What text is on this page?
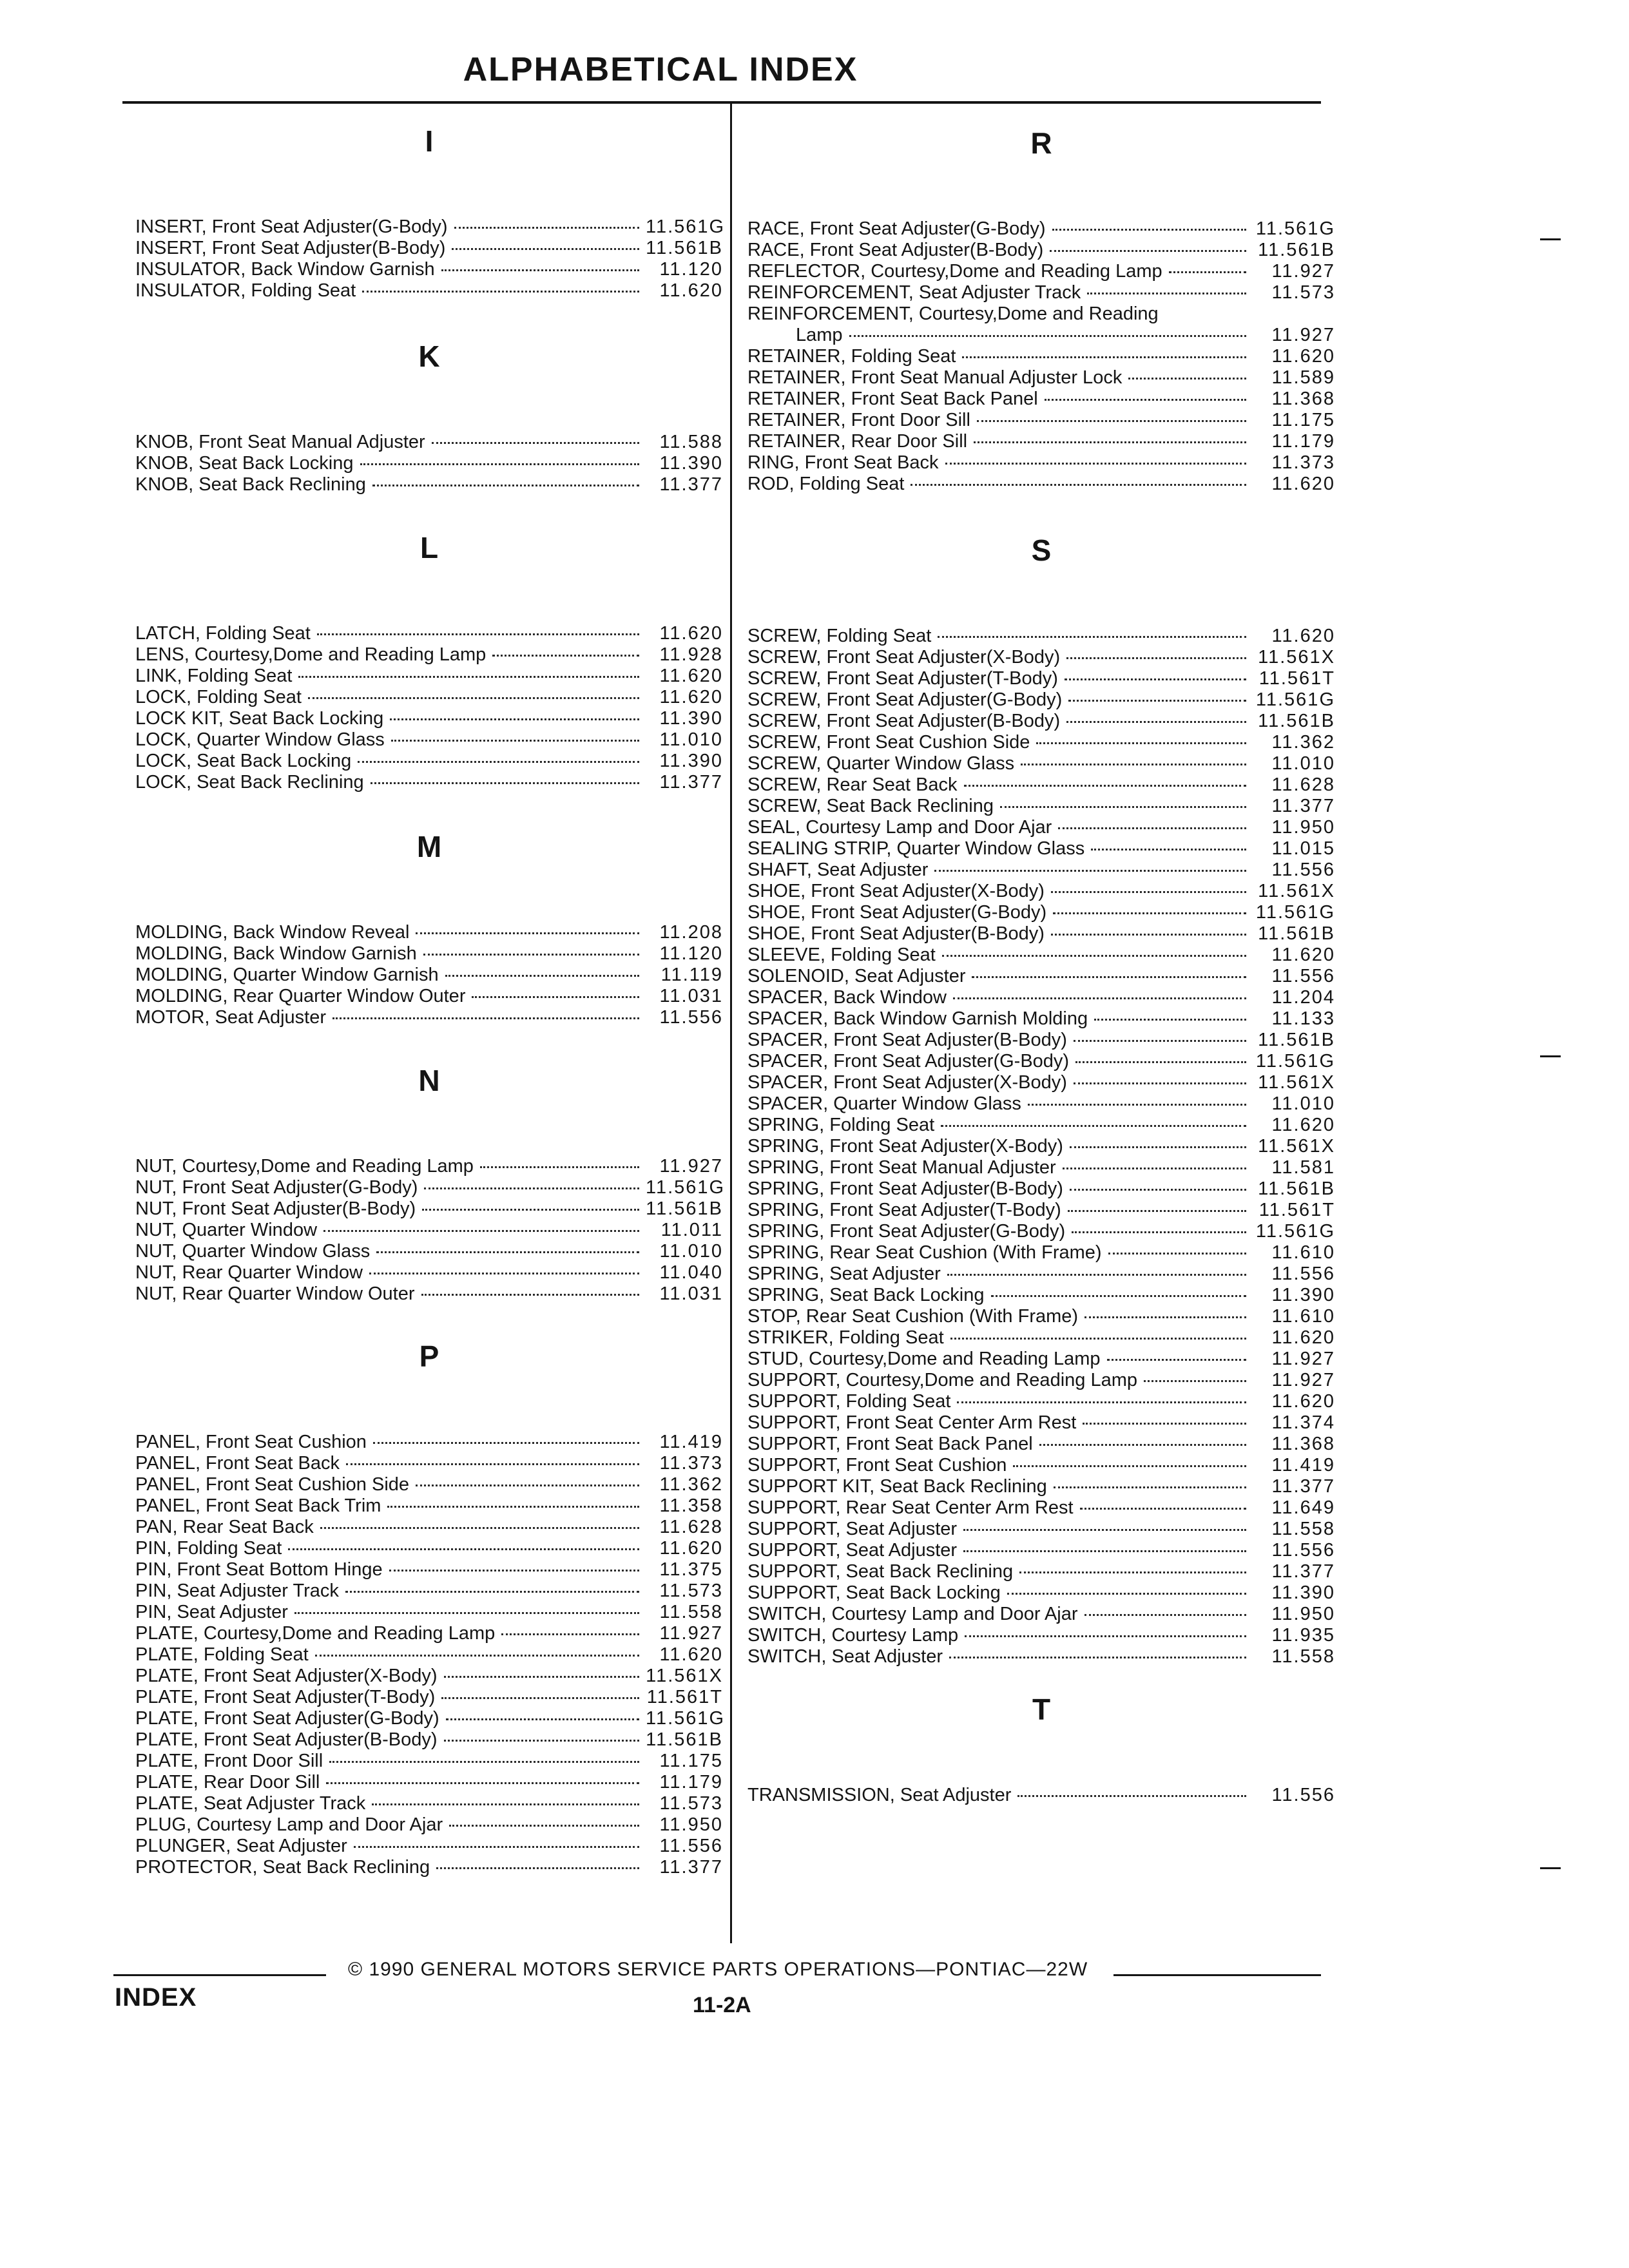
ALPHABETICAL INDEX
I
INSERT, Front Seat Adjuster(G-Body)	11.561G
INSERT, Front Seat Adjuster(B-Body)	11.561B
INSULATOR, Back Window Garnish	11.120
INSULATOR, Folding Seat	11.620
K
KNOB, Front Seat Manual Adjuster	11.588
KNOB, Seat Back Locking	11.390
KNOB, Seat Back Reclining	11.377
L
LATCH, Folding Seat	11.620
LENS, Courtesy,Dome and Reading Lamp	11.928
LINK, Folding Seat	11.620
LOCK, Folding Seat	11.620
LOCK KIT, Seat Back Locking	11.390
LOCK, Quarter Window Glass	11.010
LOCK, Seat Back Locking	11.390
LOCK, Seat Back Reclining	11.377
M
MOLDING, Back Window Reveal	11.208
MOLDING, Back Window Garnish	11.120
MOLDING, Quarter Window Garnish	11.119
MOLDING, Rear Quarter Window Outer	11.031
MOTOR, Seat Adjuster	11.556
N
NUT, Courtesy,Dome and Reading Lamp	11.927
NUT, Front Seat Adjuster(G-Body)	11.561G
NUT, Front Seat Adjuster(B-Body)	11.561B
NUT, Quarter Window	11.011
NUT, Quarter Window Glass	11.010
NUT, Rear Quarter Window	11.040
NUT, Rear Quarter Window Outer	11.031
P
PANEL, Front Seat Cushion	11.419
PANEL, Front Seat Back	11.373
PANEL, Front Seat Cushion Side	11.362
PANEL, Front Seat Back Trim	11.358
PAN, Rear Seat Back	11.628
PIN, Folding Seat	11.620
PIN, Front Seat Bottom Hinge	11.375
PIN, Seat Adjuster Track	11.573
PIN, Seat Adjuster	11.558
PLATE, Courtesy,Dome and Reading Lamp	11.927
PLATE, Folding Seat	11.620
PLATE, Front Seat Adjuster(X-Body)	11.561X
PLATE, Front Seat Adjuster(T-Body)	11.561T
PLATE, Front Seat Adjuster(G-Body)	11.561G
PLATE, Front Seat Adjuster(B-Body)	11.561B
PLATE, Front Door Sill	11.175
PLATE, Rear Door Sill	11.179
PLATE, Seat Adjuster Track	11.573
PLUG, Courtesy Lamp and Door Ajar	11.950
PLUNGER, Seat Adjuster	11.556
PROTECTOR, Seat Back Reclining	11.377
R
RACE, Front Seat Adjuster(G-Body)	11.561G
RACE, Front Seat Adjuster(B-Body)	11.561B
REFLECTOR, Courtesy,Dome and Reading Lamp	11.927
REINFORCEMENT, Seat Adjuster Track	11.573
REINFORCEMENT, Courtesy,Dome and Reading
Lamp	11.927
RETAINER, Folding Seat	11.620
RETAINER, Front Seat Manual Adjuster Lock	11.589
RETAINER, Front Seat Back Panel	11.368
RETAINER, Front Door Sill	11.175
RETAINER, Rear Door Sill	11.179
RING, Front Seat Back	11.373
ROD, Folding Seat	11.620
S
SCREW, Folding Seat	11.620
SCREW, Front Seat Adjuster(X-Body)	11.561X
SCREW, Front Seat Adjuster(T-Body)	11.561T
SCREW, Front Seat Adjuster(G-Body)	11.561G
SCREW, Front Seat Adjuster(B-Body)	11.561B
SCREW, Front Seat Cushion Side	11.362
SCREW, Quarter Window Glass	11.010
SCREW, Rear Seat Back	11.628
SCREW, Seat Back Reclining	11.377
SEAL, Courtesy Lamp and Door Ajar	11.950
SEALING STRIP, Quarter Window Glass	11.015
SHAFT, Seat Adjuster	11.556
SHOE, Front Seat Adjuster(X-Body)	11.561X
SHOE, Front Seat Adjuster(G-Body)	11.561G
SHOE, Front Seat Adjuster(B-Body)	11.561B
SLEEVE, Folding Seat	11.620
SOLENOID, Seat Adjuster	11.556
SPACER, Back Window	11.204
SPACER, Back Window Garnish Molding	11.133
SPACER, Front Seat Adjuster(B-Body)	11.561B
SPACER, Front Seat Adjuster(G-Body)	11.561G
SPACER, Front Seat Adjuster(X-Body)	11.561X
SPACER, Quarter Window Glass	11.010
SPRING, Folding Seat	11.620
SPRING, Front Seat Adjuster(X-Body)	11.561X
SPRING, Front Seat Manual Adjuster	11.581
SPRING, Front Seat Adjuster(B-Body)	11.561B
SPRING, Front Seat Adjuster(T-Body)	11.561T
SPRING, Front Seat Adjuster(G-Body)	11.561G
SPRING, Rear Seat Cushion (With Frame)	11.610
SPRING, Seat Adjuster	11.556
SPRING, Seat Back Locking	11.390
STOP, Rear Seat Cushion (With Frame)	11.610
STRIKER, Folding Seat	11.620
STUD, Courtesy,Dome and Reading Lamp	11.927
SUPPORT, Courtesy,Dome and Reading Lamp	11.927
SUPPORT, Folding Seat	11.620
SUPPORT, Front Seat Center Arm Rest	11.374
SUPPORT, Front Seat Back Panel	11.368
SUPPORT, Front Seat Cushion	11.419
SUPPORT KIT, Seat Back Reclining	11.377
SUPPORT, Rear Seat Center Arm Rest	11.649
SUPPORT, Seat Adjuster	11.558
SUPPORT, Seat Adjuster	11.556
SUPPORT, Seat Back Reclining	11.377
SUPPORT, Seat Back Locking	11.390
SWITCH, Courtesy Lamp and Door Ajar	11.950
SWITCH, Courtesy Lamp	11.935
SWITCH, Seat Adjuster	11.558
T
TRANSMISSION, Seat Adjuster	11.556
© 1990 GENERAL MOTORS SERVICE PARTS OPERATIONS—PONTIAC—22W
INDEX	11-2A
